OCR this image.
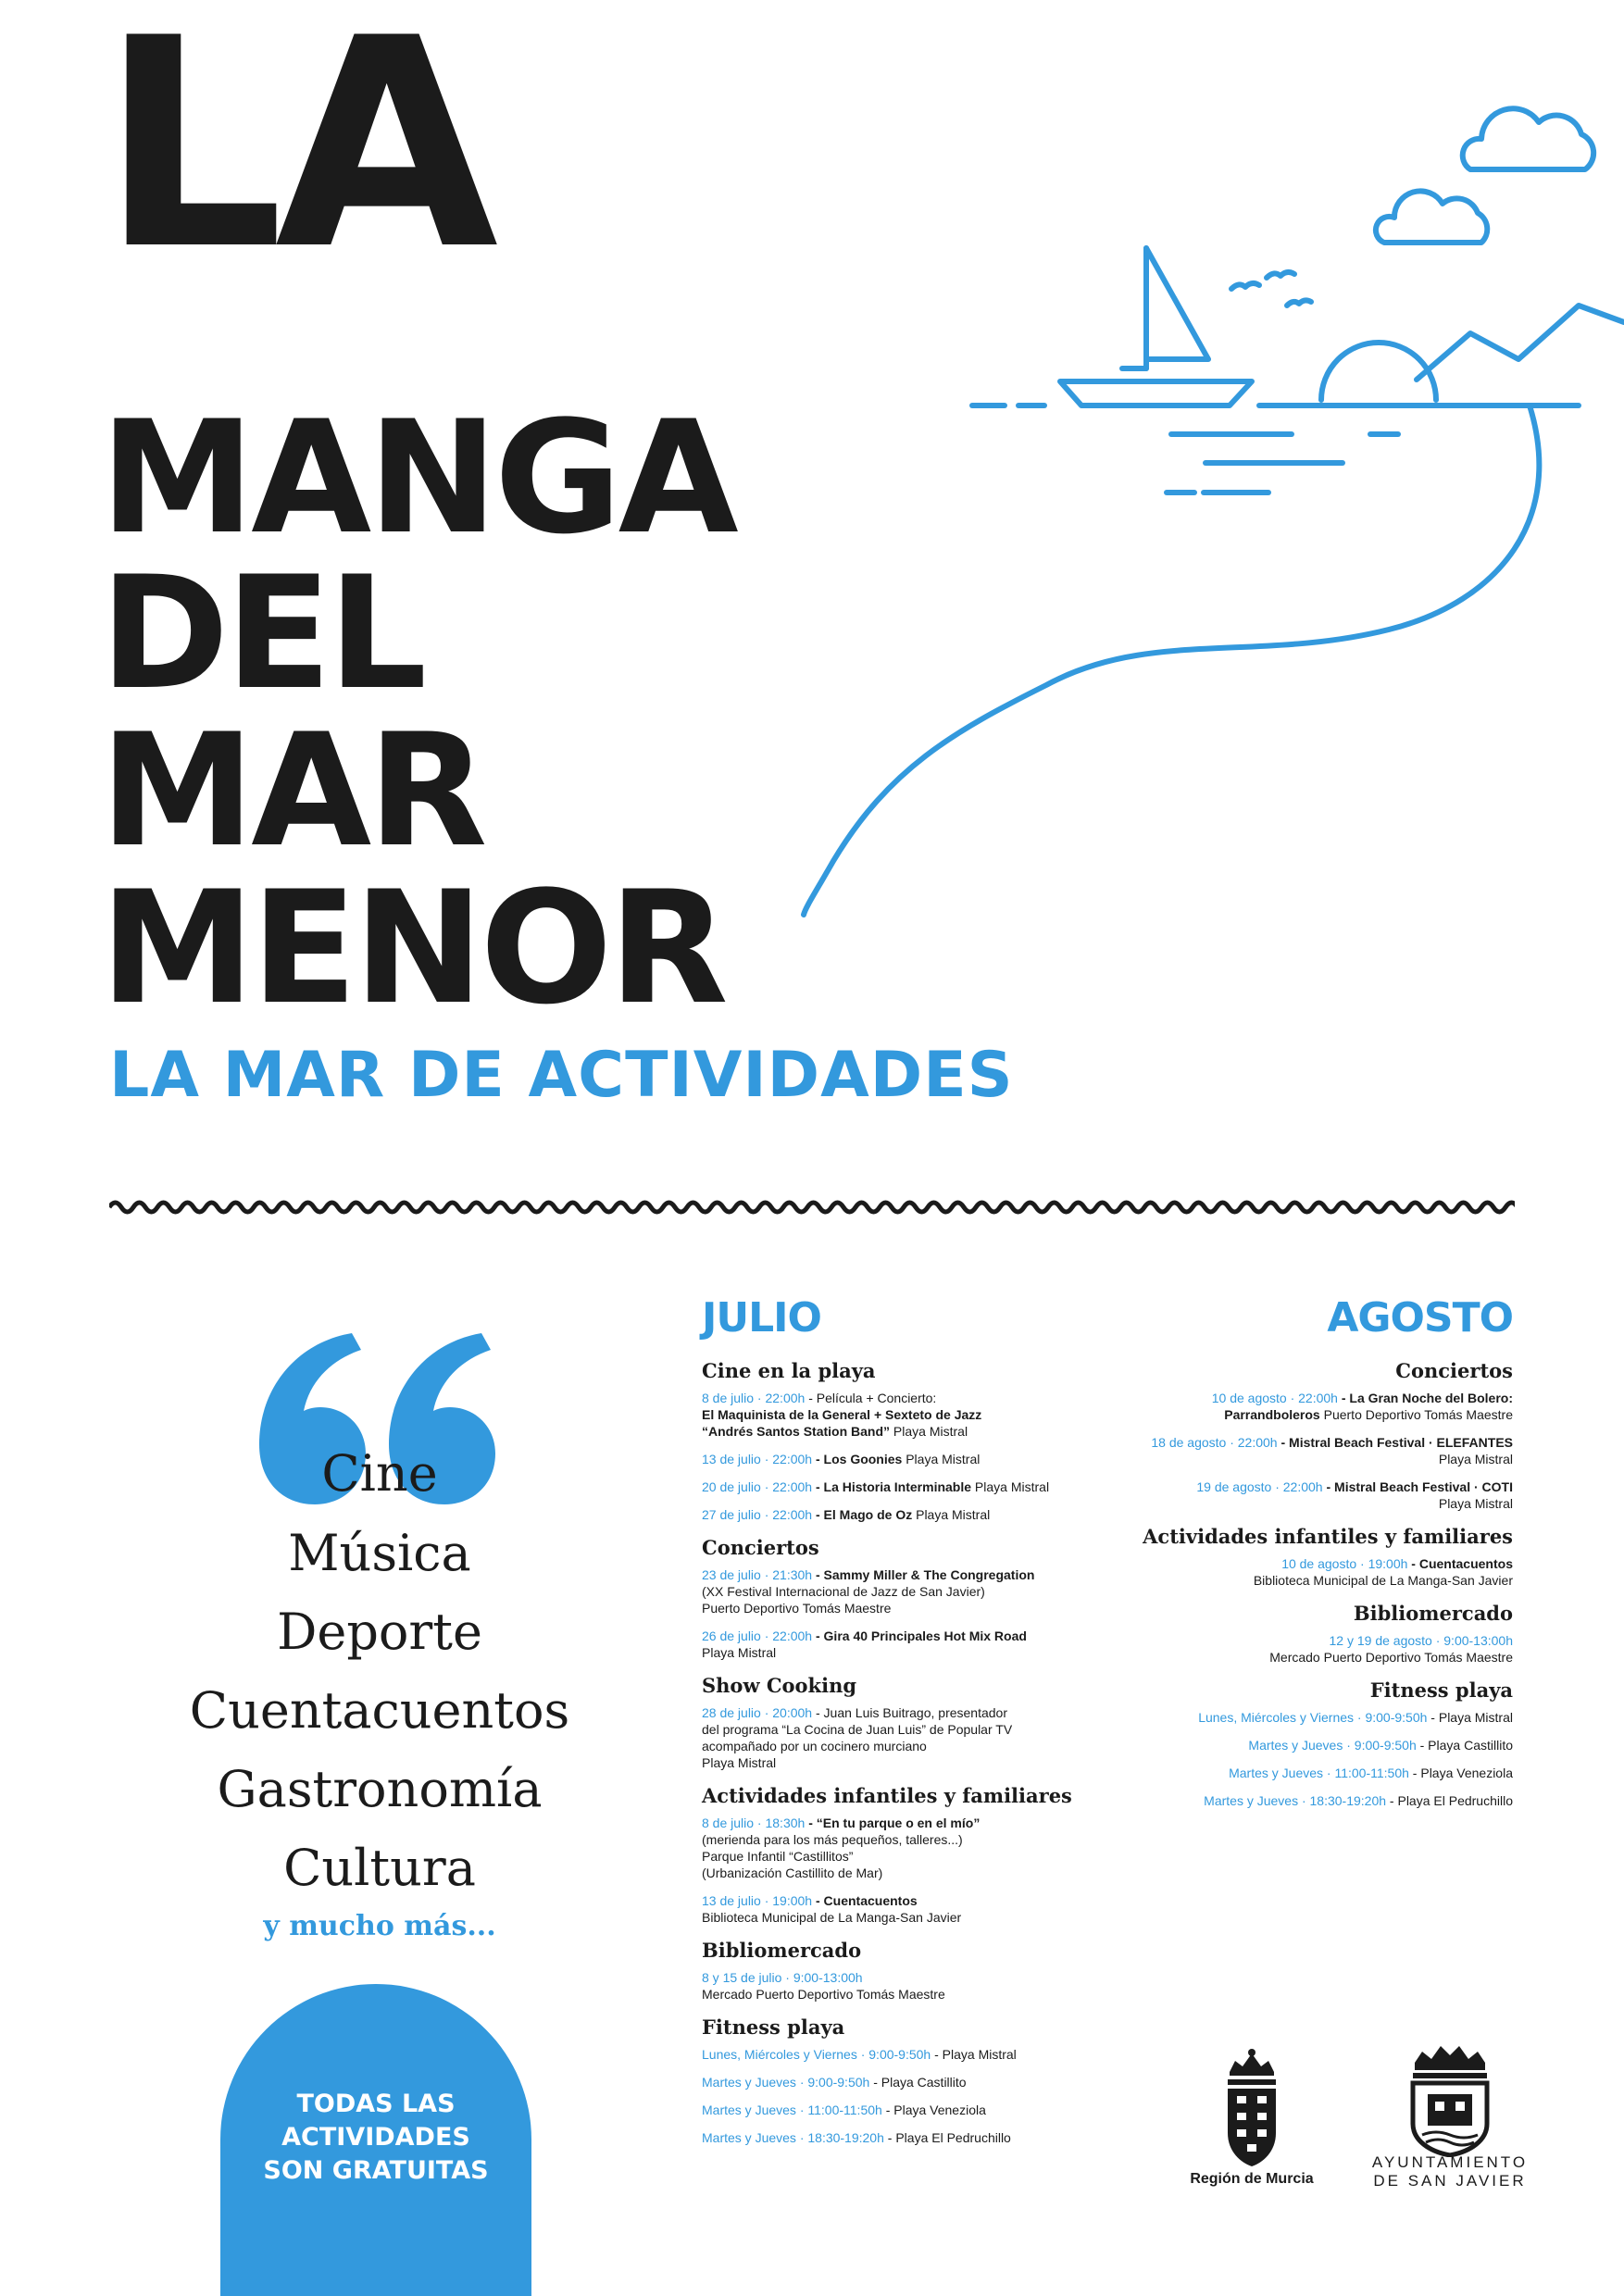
LA
MANGA
DEL
MAR
MENOR
LA MAR DE ACTIVIDADES
Cine
Música
Deporte
Cuentacuentos
Gastronomía
Cultura
y mucho más...
TODAS LAS
ACTIVIDADES
SON GRATUITAS
JULIO	AGOSTO
Cine en la playa
8 de julio · 22:00h - Película + Concierto:
El Maquinista de la General + Sexteto de Jazz
“Andrés Santos Station Band” Playa Mistral
13 de julio · 22:00h - Los Goonies Playa Mistral
20 de julio · 22:00h - La Historia Interminable Playa Mistral
27 de julio · 22:00h - El Mago de Oz Playa Mistral
Conciertos
23 de julio · 21:30h - Sammy Miller & The Congregation
(XX Festival Internacional de Jazz de San Javier)
Puerto Deportivo Tomás Maestre
26 de julio · 22:00h - Gira 40 Principales Hot Mix Road
Playa Mistral
Show Cooking
28 de julio · 20:00h - Juan Luis Buitrago, presentador
del programa “La Cocina de Juan Luis” de Popular TV
acompañado por un cocinero murciano
Playa Mistral
Actividades infantiles y familiares
8 de julio · 18:30h - “En tu parque o en el mío”
(merienda para los más pequeños, talleres...)
Parque Infantil “Castillitos”
(Urbanización Castillito de Mar)
13 de julio · 19:00h - Cuentacuentos
Biblioteca Municipal de La Manga-San Javier
Bibliomercado
8 y 15 de julio · 9:00-13:00h
Mercado Puerto Deportivo Tomás Maestre
Fitness playa
Lunes, Miércoles y Viernes · 9:00-9:50h - Playa Mistral
Martes y Jueves · 9:00-9:50h - Playa Castillito
Martes y Jueves · 11:00-11:50h - Playa Veneziola
Martes y Jueves · 18:30-19:20h - Playa El Pedruchillo
Conciertos
10 de agosto · 22:00h - La Gran Noche del Bolero:
Parrandboleros Puerto Deportivo Tomás Maestre
18 de agosto · 22:00h - Mistral Beach Festival · ELEFANTES
Playa Mistral
19 de agosto · 22:00h - Mistral Beach Festival · COTI
Playa Mistral
Actividades infantiles y familiares
10 de agosto · 19:00h - Cuentacuentos
Biblioteca Municipal de La Manga-San Javier
Bibliomercado
12 y 19 de agosto · 9:00-13:00h
Mercado Puerto Deportivo Tomás Maestre
Fitness playa
Lunes, Miércoles y Viernes · 9:00-9:50h - Playa Mistral
Martes y Jueves · 9:00-9:50h - Playa Castillito
Martes y Jueves · 11:00-11:50h - Playa Veneziola
Martes y Jueves · 18:30-19:20h - Playa El Pedruchillo
Región de Murcia
AYUNTAMIENTO
DE SAN JAVIER
